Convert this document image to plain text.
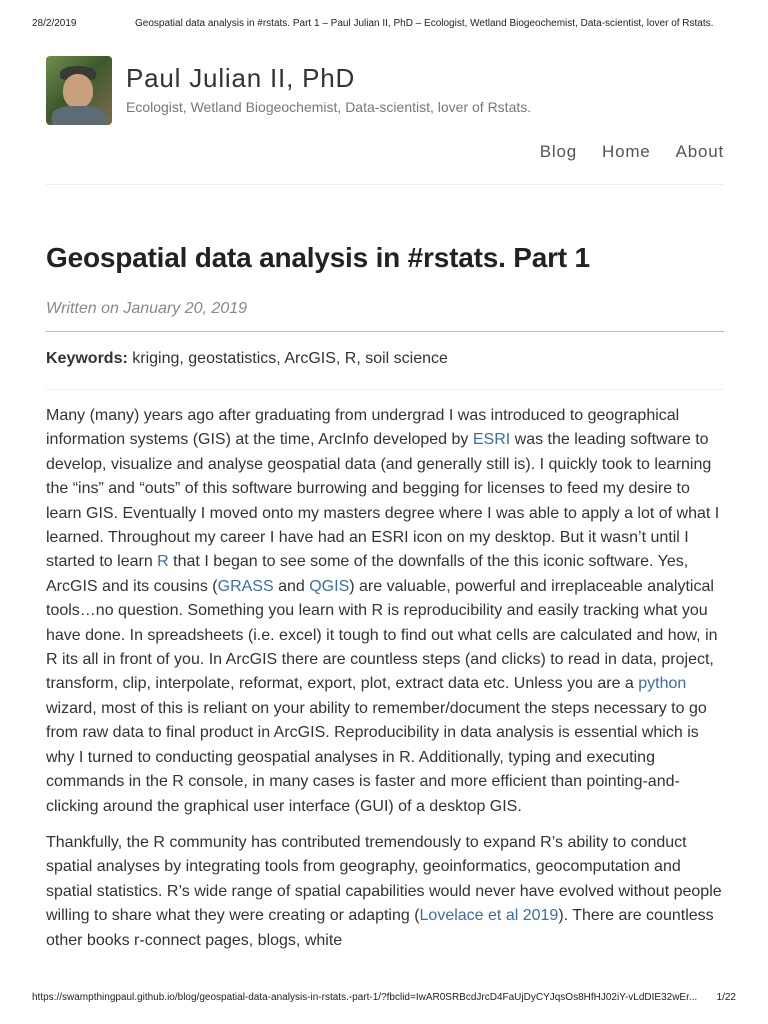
28/2/2019	Geospatial data analysis in #rstats. Part 1 – Paul Julian II, PhD – Ecologist, Wetland Biogeochemist, Data-scientist, lover of Rstats.
Paul Julian II, PhD
Ecologist, Wetland Biogeochemist, Data-scientist, lover of Rstats.
Blog Home About
Geospatial data analysis in #rstats. Part 1
Written on January 20, 2019
Keywords: kriging, geostatistics, ArcGIS, R, soil science

Many (many) years ago after graduating from undergrad I was introduced to geographical information systems (GIS) at the time, ArcInfo developed by ESRI was the leading software to develop, visualize and analyse geospatial data (and generally still is). I quickly took to learning the “ins” and “outs” of this software burrowing and begging for licenses to feed my desire to learn GIS. Eventually I moved onto my masters degree where I was able to apply a lot of what I learned. Throughout my career I have had an ESRI icon on my desktop. But it wasn’t until I started to learn R that I began to see some of the downfalls of the this iconic software. Yes, ArcGIS and its cousins (GRASS and QGIS) are valuable, powerful and irreplaceable analytical tools…no question. Something you learn with R is reproducibility and easily tracking what you have done. In spreadsheets (i.e. excel) it tough to find out what cells are calculated and how, in R its all in front of you. In ArcGIS there are countless steps (and clicks) to read in data, project, transform, clip, interpolate, reformat, export, plot, extract data etc. Unless you are a python wizard, most of this is reliant on your ability to remember/document the steps necessary to go from raw data to final product in ArcGIS. Reproducibility in data analysis is essential which is why I turned to conducting geospatial analyses in R. Additionally, typing and executing commands in the R console, in many cases is faster and more efficient than pointing-and-clicking around the graphical user interface (GUI) of a desktop GIS.

Thankfully, the R community has contributed tremendously to expand R’s ability to conduct spatial analyses by integrating tools from geography, geoinformatics, geocomputation and spatial statistics. R’s wide range of spatial capabilities would never have evolved without people willing to share what they were creating or adapting (Lovelace et al 2019). There are countless other books r-connect pages, blogs, white

https://swampthingpaul.github.io/blog/geospatial-data-analysis-in-rstats.-part-1/?fbclid=IwAR0SRBcdJrcD4FaUjDyCYJqsOs8HfHJ02iY-vLdDIE32wEr... 1/22
